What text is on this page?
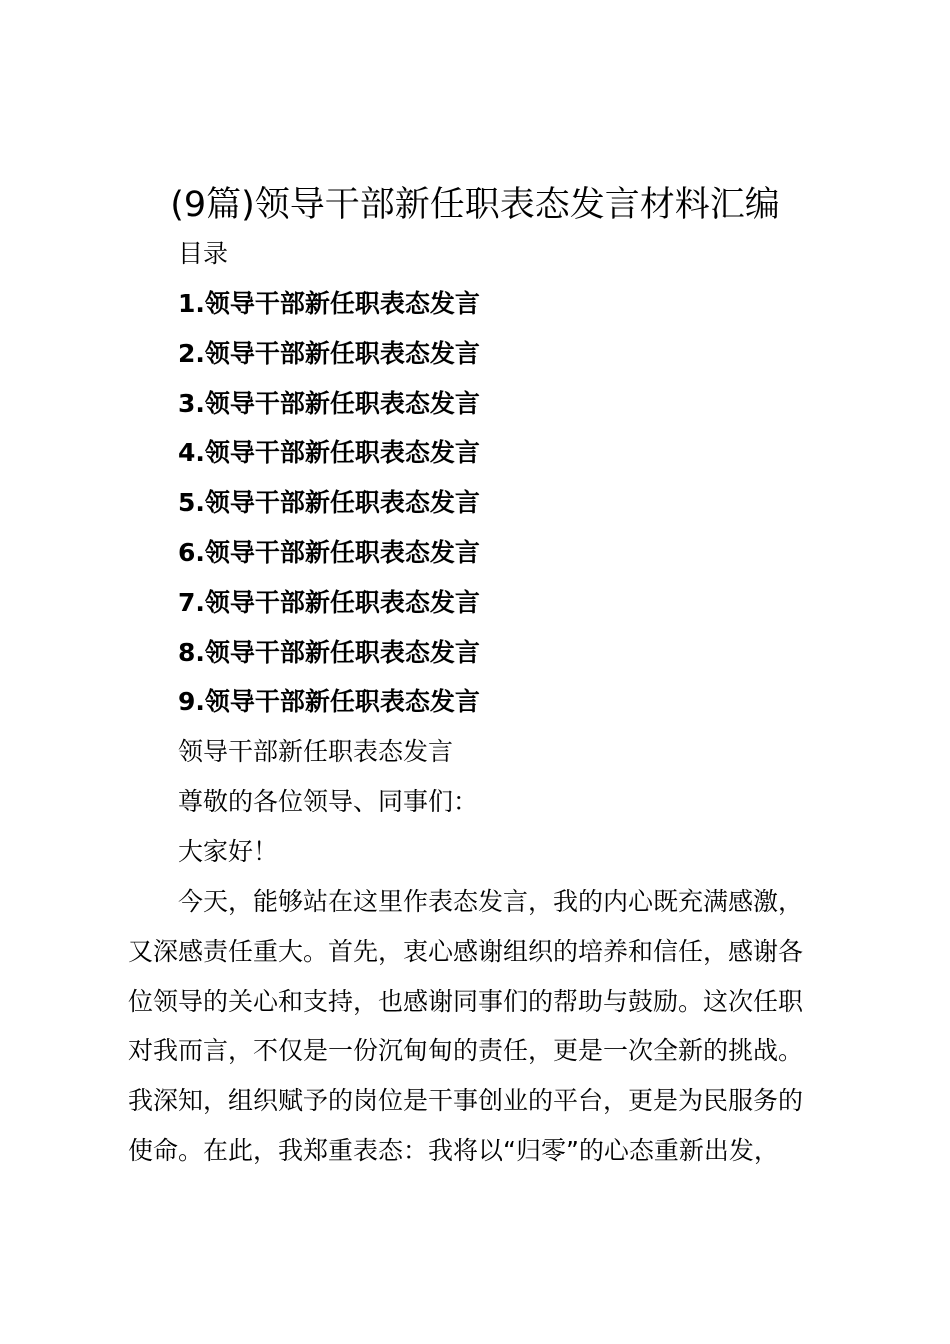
(9篇)领导干部新任职表态发言材料汇编
目录
1.领导干部新任职表态发言
2.领导干部新任职表态发言
3.领导干部新任职表态发言
4.领导干部新任职表态发言
5.领导干部新任职表态发言
6.领导干部新任职表态发言
7.领导干部新任职表态发言
8.领导干部新任职表态发言
9.领导干部新任职表态发言
领导干部新任职表态发言
尊敬的各位领导、同事们：
大家好！
　　今天，能够站在这里作表态发言，我的内心既充满感激，
又深感责任重大。首先，衷心感谢组织的培养和信任，感谢各
位领导的关心和支持，也感谢同事们的帮助与鼓励。这次任职
对我而言，不仅是一份沉甸甸的责任，更是一次全新的挑战。
我深知，组织赋予的岗位是干事创业的平台，更是为民服务的
使命。在此，我郑重表态：我将以“归零”的心态重新出发，
